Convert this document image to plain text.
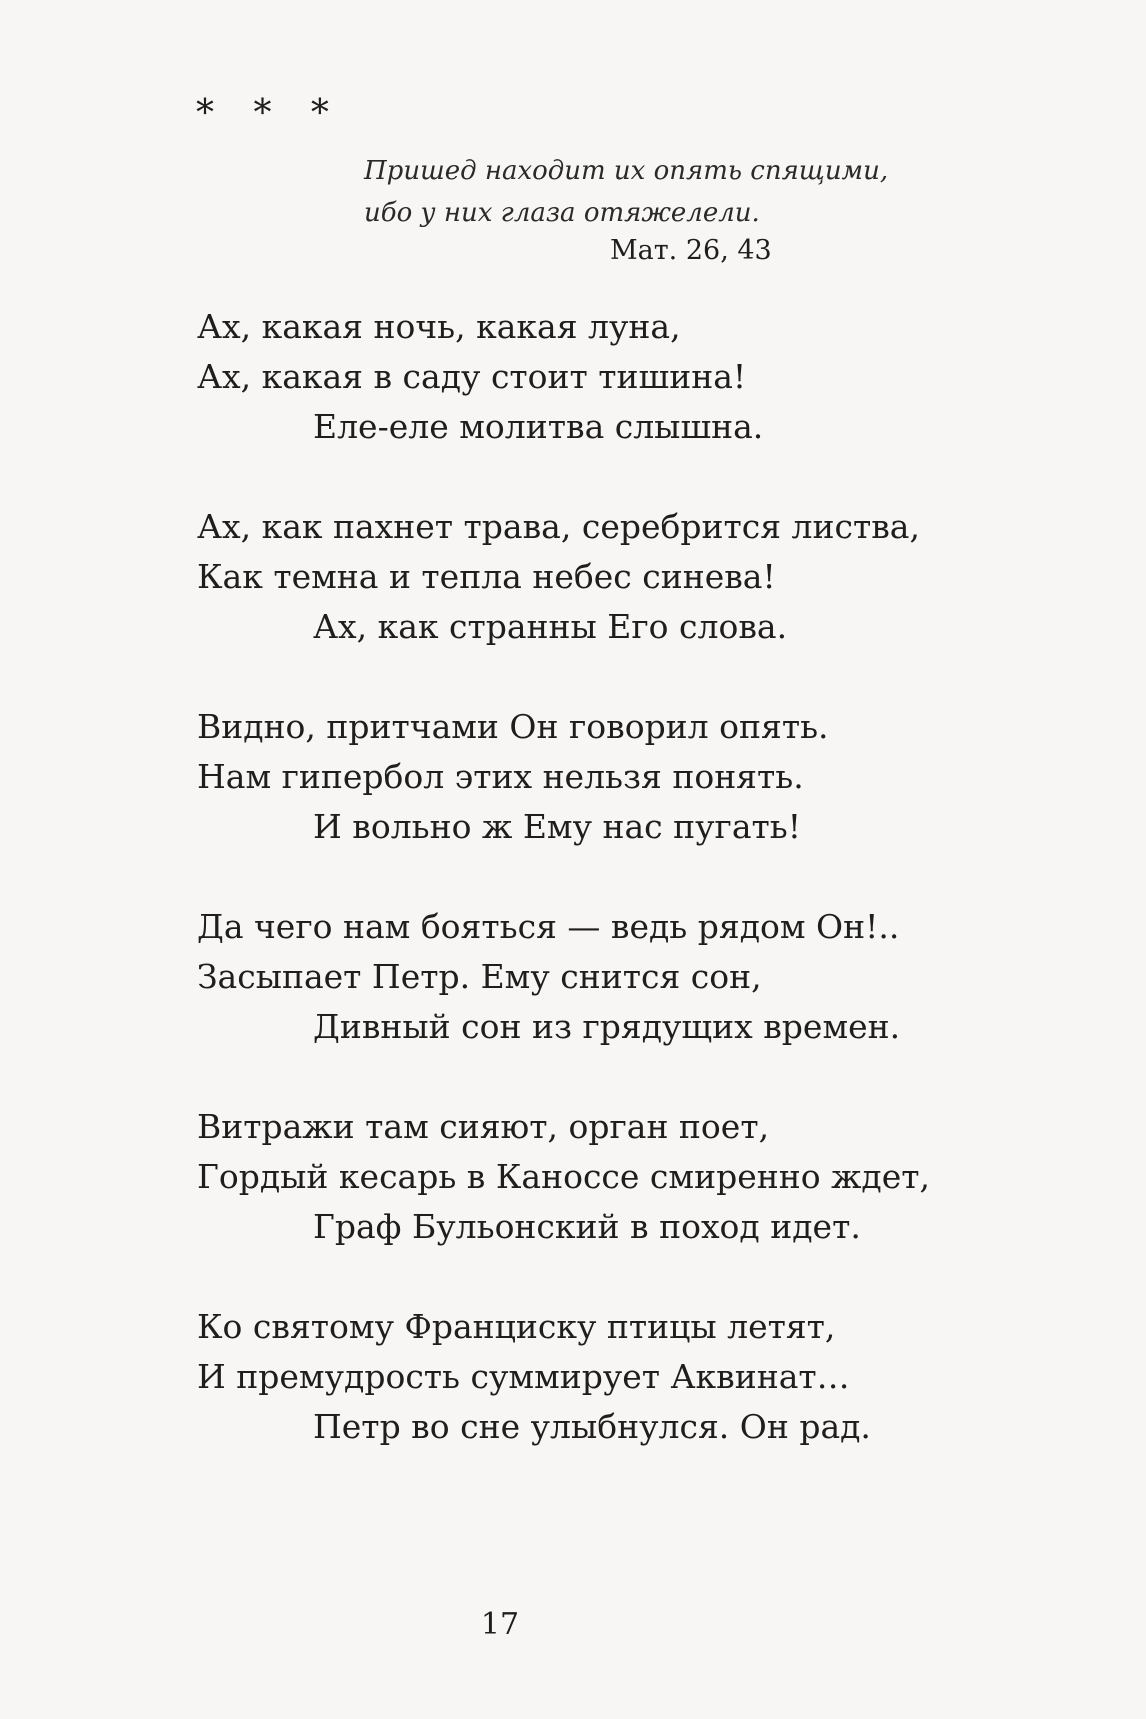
* * *
Пришед находит их опять спящими,
ибо у них глаза отяжелели.
Мат. 26, 43
Ах, какая ночь, какая луна,
Ах, какая в саду стоит тишина!
Еле-еле молитва слышна.
Ах, как пахнет трава, серебрится листва,
Как темна и тепла небес синева!
Ах, как странны Его слова.
Видно, притчами Он говорил опять.
Нам гипербол этих нельзя понять.
И вольно ж Ему нас пугать!
Да чего нам бояться — ведь рядом Он!..
Засыпает Петр. Ему снится сон,
Дивный сон из грядущих времен.
Витражи там сияют, орган поет,
Гордый кесарь в Каноссе смиренно ждет,
Граф Бульонский в поход идет.
Ко святому Франциску птицы летят,
И премудрость суммирует Аквинат…
Петр во сне улыбнулся. Он рад.
17
